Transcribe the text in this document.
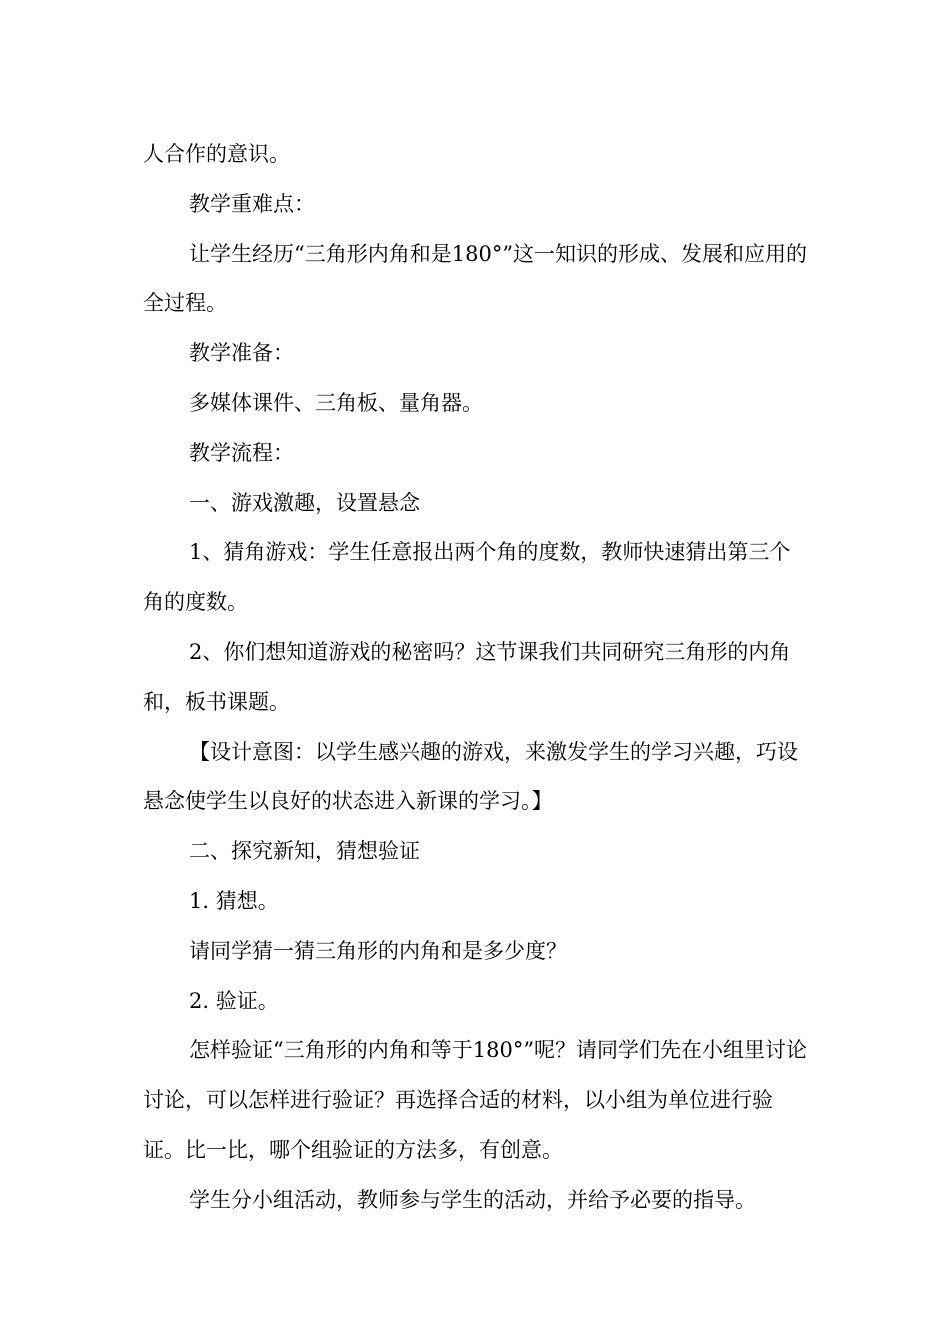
人合作的意识。

教学重难点：

让学生经历“三角形内角和是180°”这一知识的形成、发展和应用的全过程。

教学准备：

多媒体课件、三角板、量角器。

教学流程：

一、游戏激趣，设置悬念

1、猜角游戏：学生任意报出两个角的度数，教师快速猜出第三个角的度数。

2、你们想知道游戏的秘密吗？这节课我们共同研究三角形的内角和，板书课题。

【设计意图：以学生感兴趣的游戏，来激发学生的学习兴趣，巧设悬念使学生以良好的状态进入新课的学习。】

二、探究新知，猜想验证

1. 猜想。

请同学猜一猜三角形的内角和是多少度？

2. 验证。

怎样验证“三角形的内角和等于180°”呢？请同学们先在小组里讨论讨论，可以怎样进行验证？再选择合适的材料，以小组为单位进行验证。比一比，哪个组验证的方法多，有创意。

学生分小组活动，教师参与学生的活动，并给予必要的指导。
